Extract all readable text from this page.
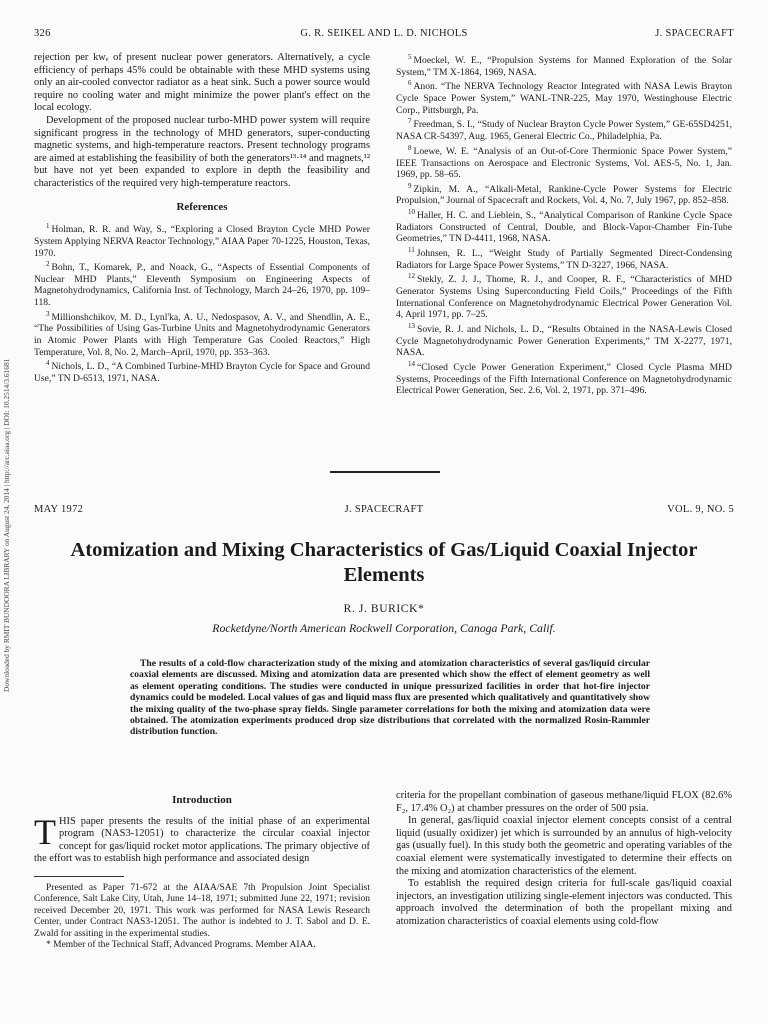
326	G. R. SEIKEL AND L. D. NICHOLS	J. SPACECRAFT
Downloaded by RMIT BUNDOORA LIBRARY on August 24, 2014 | http://arc.aiaa.org | DOI: 10.2514/3.61681

rejection per kwₑ of present nuclear power generators. Alternatively, a cycle efficiency of perhaps 45% could be obtainable with these MHD systems using only an air-cooled convector radiator as a heat sink. Such a power source would require no cooling water and might minimize the power plant's effect on the local ecology.

Development of the proposed nuclear turbo-MHD power system will require significant progress in the technology of MHD generators, super-conducting magnetic systems, and high-temperature reactors. Present technology programs are aimed at establishing the feasibility of both the generators¹³·¹⁴ and magnets,¹² but have not yet been expanded to explore in depth the feasibility and characteristics of the required very high-temperature reactors.

References

$^1$ Holman, R. R. and Way, S., “Exploring a Closed Brayton Cycle MHD Power System Applying NERVA Reactor Technology,” AIAA Paper 70-1225, Houston, Texas, 1970.

$^2$ Bohn, T., Komarek, P., and Noack, G., “Aspects of Essential Components of Nuclear MHD Plants,” Eleventh Symposium on Engineering Aspects of Magnetohydrodynamics, California Inst. of Technology, March 24–26, 1970, pp. 109–118.

$^3$ Millionshchikov, M. D., Lynl'ka, A. U., Nedospasov, A. V., and Shendlin, A. E., “The Possibilities of Using Gas-Turbine Units and Magnetohydrodynamic Generators in Atomic Power Plants with High Temperature Gas Cooled Reactors,” High Temperature, Vol. 8, No. 2, March–April, 1970, pp. 353–363.

$^4$ Nichols, L. D., “A Combined Turbine-MHD Brayton Cycle for Space and Ground Use,” TN D-6513, 1971, NASA.

$^5$ Moeckel, W. E., “Propulsion Systems for Manned Exploration of the Solar System,” TM X-1864, 1969, NASA.

$^6$ Anon. “The NERVA Technology Reactor Integrated with NASA Lewis Brayton Cycle Space Power System,” WANL-TNR-225, May 1970, Westinghouse Electric Corp., Pittsburgh, Pa.

$^7$ Freedman, S. I., “Study of Nuclear Brayton Cycle Power System,” GE-65SD4251, NASA CR-54397, Aug. 1965, General Electric Co., Philadelphia, Pa.

$^8$ Loewe, W. E. “Analysis of an Out-of-Core Thermionic Space Power System,” IEEE Transactions on Aerospace and Electronic Systems, Vol. AES-5, No. 1, Jan. 1969, pp. 58–65.

$^9$ Zipkin, M. A., “Alkali-Metal, Rankine-Cycle Power Systems for Electric Propulsion,” Journal of Spacecraft and Rockets, Vol. 4, No. 7, July 1967, pp. 852–858.

$^{10}$ Haller, H. C. and Lieblein, S., “Analytical Comparison of Rankine Cycle Space Radiators Constructed of Central, Double, and Block-Vapor-Chamber Fin-Tube Geometries,” TN D-4411, 1968, NASA.

$^{11}$ Johnsen, R. L., “Weight Study of Partially Segmented Direct-Condensing Radiators for Large Space Power Systems,” TN D-3227, 1966, NASA.

$^{12}$ Stekly, Z. J. J., Thome, R. J., and Cooper, R. F., “Characteristics of MHD Generator Systems Using Superconducting Field Coils,” Proceedings of the Fifth International Conference on Magnetohydrodynamic Electrical Power Generation Vol. 4, April 1971, pp. 7–25.

$^{13}$ Sovie, R. J. and Nichols, L. D., “Results Obtained in the NASA-Lewis Closed Cycle Magnetohydrodynamic Power Generation Experiments,” TM X-2277, 1971, NASA.

$^{14}$ “Closed Cycle Power Generation Experiment,” Closed Cycle Plasma MHD Systems, Proceedings of the Fifth International Conference on Magnetohydrodynamic Electrical Power Generation, Sec. 2.6, Vol. 2, 1971, pp. 371–496.

MAY 1972	J. SPACECRAFT	VOL. 9, NO. 5
Atomization and Mixing Characteristics of Gas/Liquid Coaxial Injector Elements
R. J. BURICK*
Rocketdyne/North American Rockwell Corporation, Canoga Park, Calif.

The results of a cold-flow characterization study of the mixing and atomization characteristics of several gas/liquid circular coaxial elements are discussed. Mixing and atomization data are presented which show the effect of element geometry as well as element operating conditions. The studies were conducted in unique pressurized facilities in order that hot-fire injector dynamics could be modeled. Local values of gas and liquid mass flux are presented which qualitatively and quantitatively show the mixing quality of the two-phase spray fields. Single parameter correlations for both the mixing and atomization data were obtained. The atomization experiments produced drop size distributions that correlated with the normalized Rosin-Rammler distribution function.

Introduction

THIS paper presents the results of the initial phase of an experimental program (NAS3-12051) to characterize the circular coaxial injector concept for gas/liquid rocket motor applications. The primary objective of the effort was to establish high performance and associated design

Presented as Paper 71-672 at the AIAA/SAE 7th Propulsion Joint Specialist Conference, Salt Lake City, Utah, June 14–18, 1971; submitted June 22, 1971; revision received December 20, 1971. This work was performed for NASA Lewis Research Center, under Contract NAS3-12051. The author is indebted to J. T. Sabol and D. E. Zwald for assiting in the experimental studies.

* Member of the Technical Staff, Advanced Programs. Member AIAA.

criteria for the propellant combination of gaseous methane/liquid FLOX (82.6% F₂, 17.4% O₂) at chamber pressures on the order of 500 psia.

In general, gas/liquid coaxial injector element concepts consist of a central liquid (usually oxidizer) jet which is surrounded by an annulus of high-velocity gas (usually fuel). In this study both the geometric and operating variables of the coaxial element were systematically investigated to determine their effects on the mixing and atomization characteristics of the element.

To establish the required design criteria for full-scale gas/liquid coaxial injectors, an investigation utilizing single-element injectors was conducted. This approach involved the determination of both the propellant mixing and atomization characteristics of coaxial elements using cold-flow
